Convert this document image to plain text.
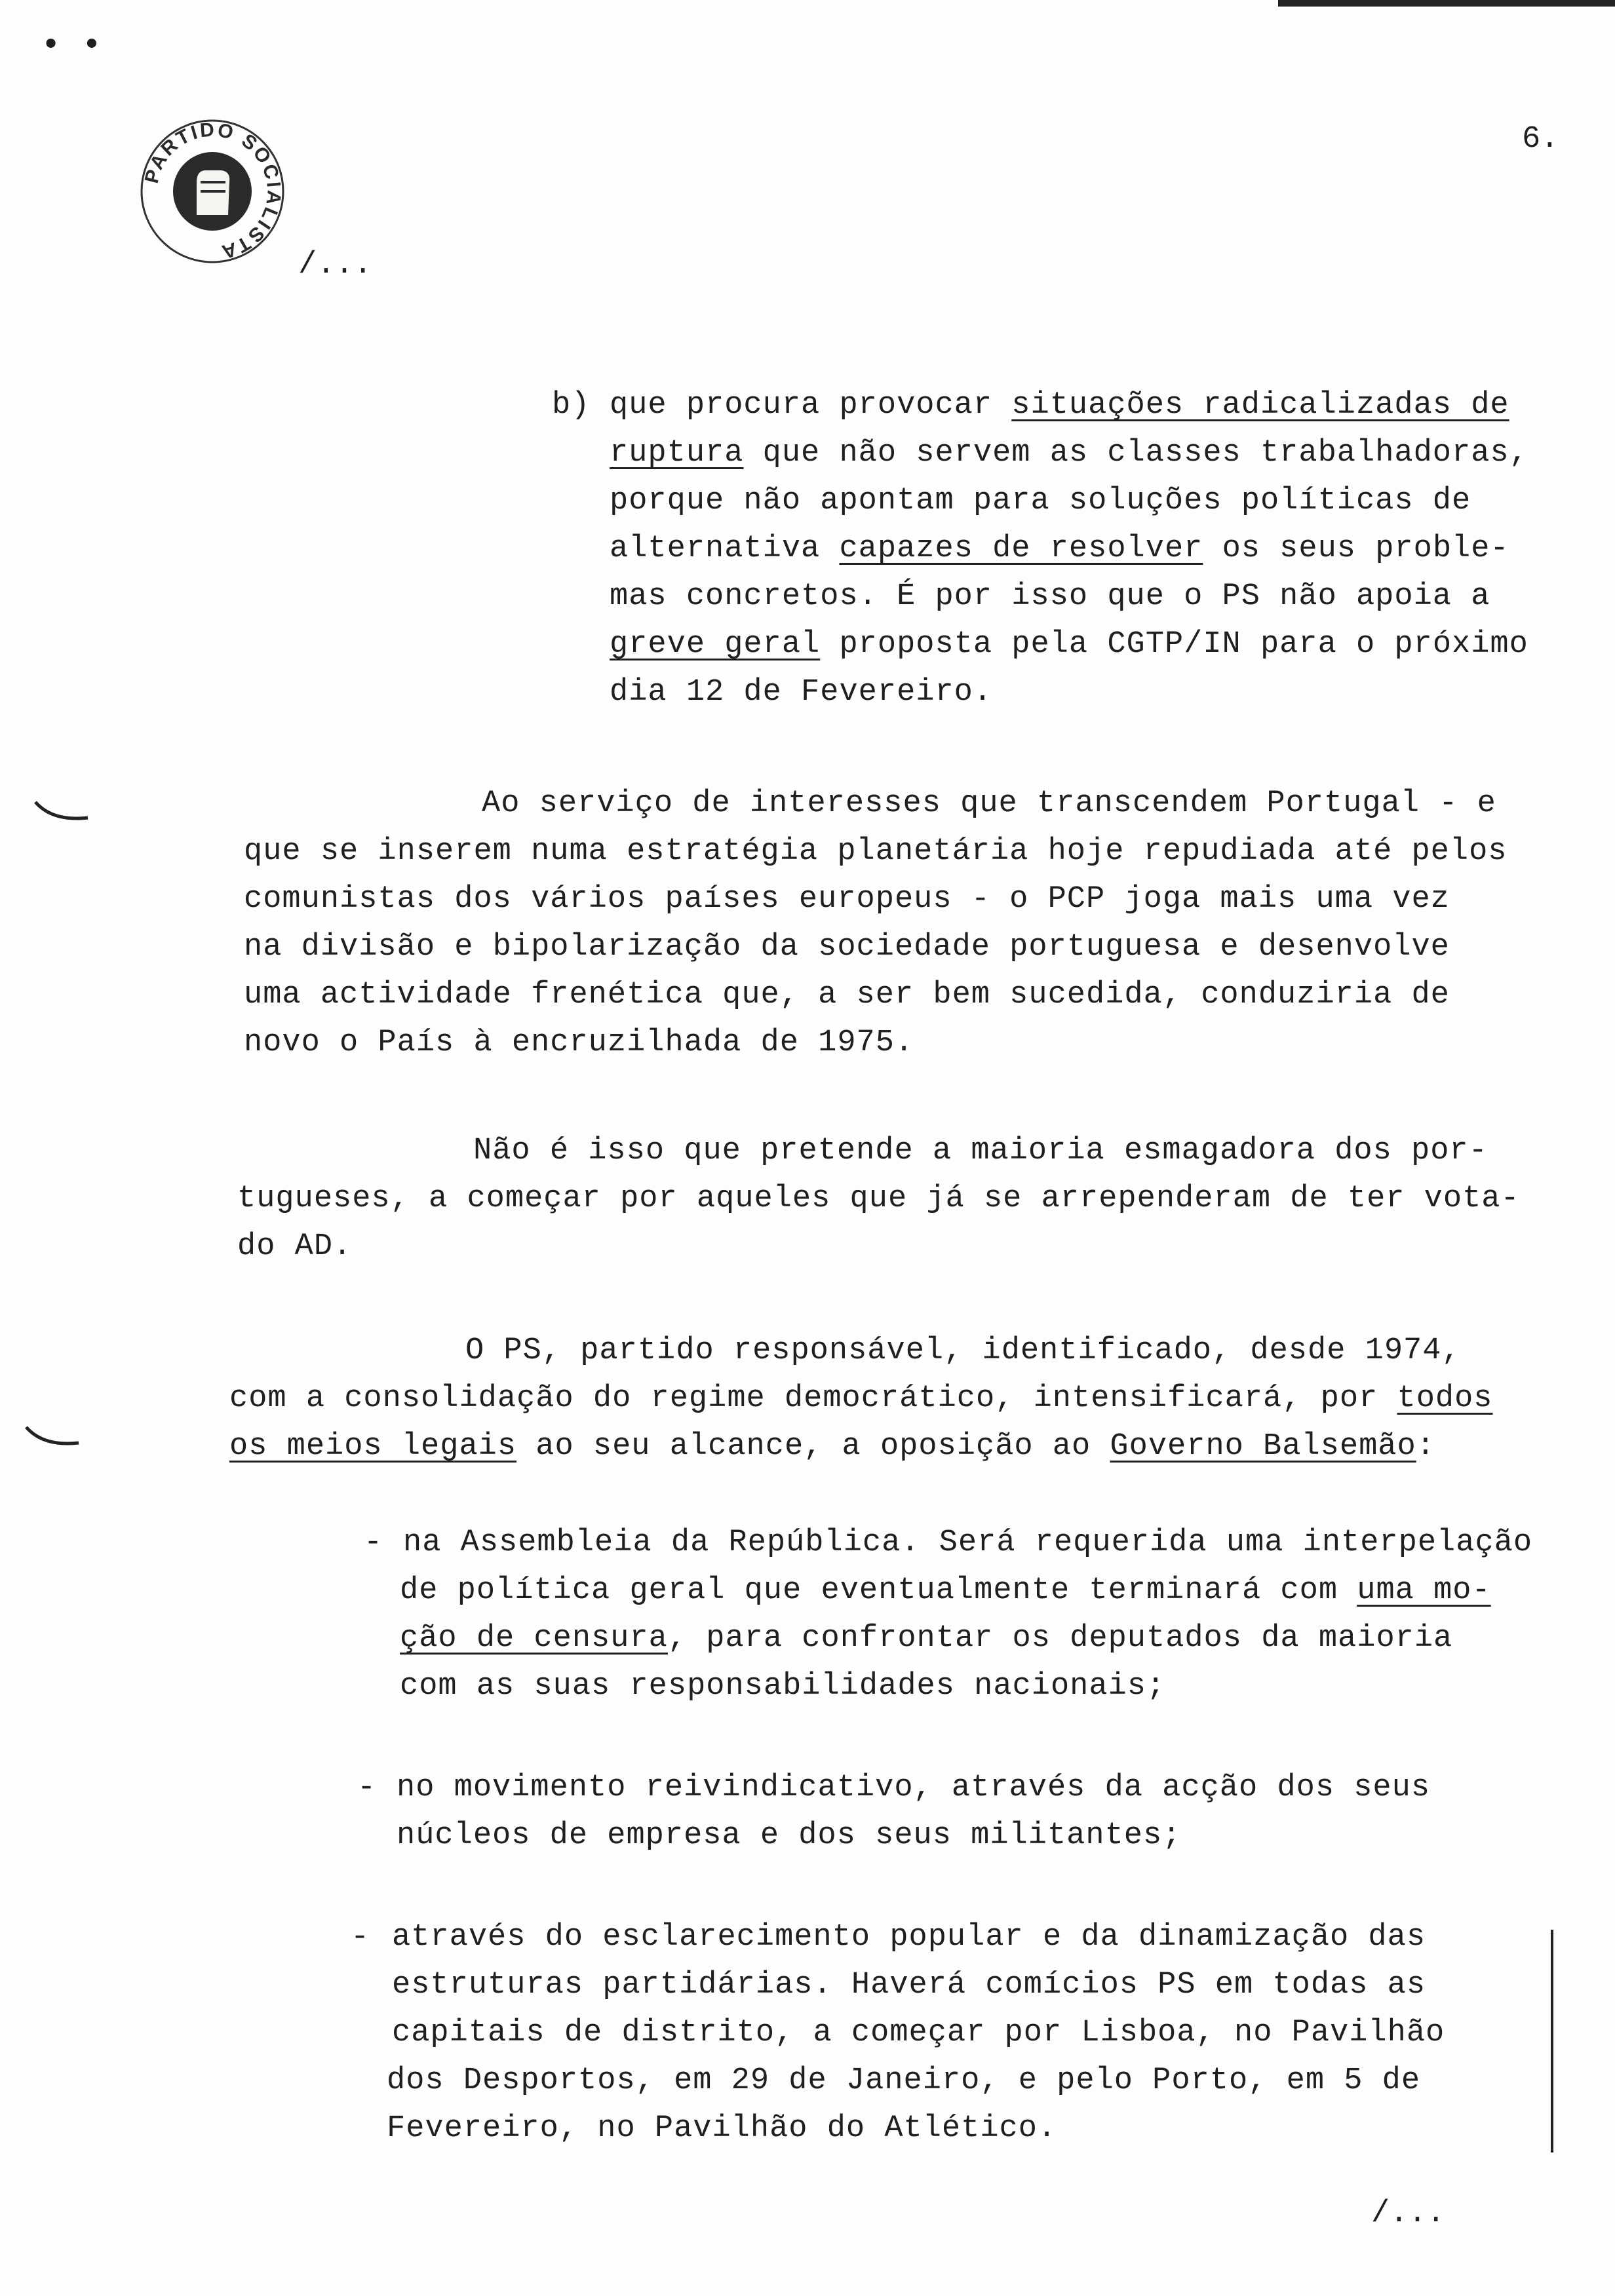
• •
PARTIDO SOCIALISTA
6.
/...
b) que procura provocar situações radicalizadas de
ruptura que não servem as classes trabalhadoras,
porque não apontam para soluções políticas de
alternativa capazes de resolver os seus proble-
mas concretos. É por isso que o PS não apoia a
greve geral proposta pela CGTP/IN para o próximo
dia 12 de Fevereiro.
Ao serviço de interesses que transcendem Portugal - e
que se inserem numa estratégia planetária hoje repudiada até pelos
comunistas dos vários países europeus - o PCP joga mais uma vez
na divisão e bipolarização da sociedade portuguesa e desenvolve
uma actividade frenética que, a ser bem sucedida, conduziria de
novo o País à encruzilhada de 1975.
Não é isso que pretende a maioria esmagadora dos por-
tugueses, a começar por aqueles que já se arrependeram de ter vota-
do AD.
O PS, partido responsável, identificado, desde 1974,
com a consolidação do regime democrático, intensificará, por todos
os meios legais ao seu alcance, a oposição ao Governo Balsemão:
- na Assembleia da República. Será requerida uma interpelação
de política geral que eventualmente terminará com uma mo-
ção de censura, para confrontar os deputados da maioria
com as suas responsabilidades nacionais;
- no movimento reivindicativo, através da acção dos seus
núcleos de empresa e dos seus militantes;
- através do esclarecimento popular e da dinamização das
estruturas partidárias. Haverá comícios PS em todas as
capitais de distrito, a começar por Lisboa, no Pavilhão
dos Desportos, em 29 de Janeiro, e pelo Porto, em 5 de
Fevereiro, no Pavilhão do Atlético.
/...
